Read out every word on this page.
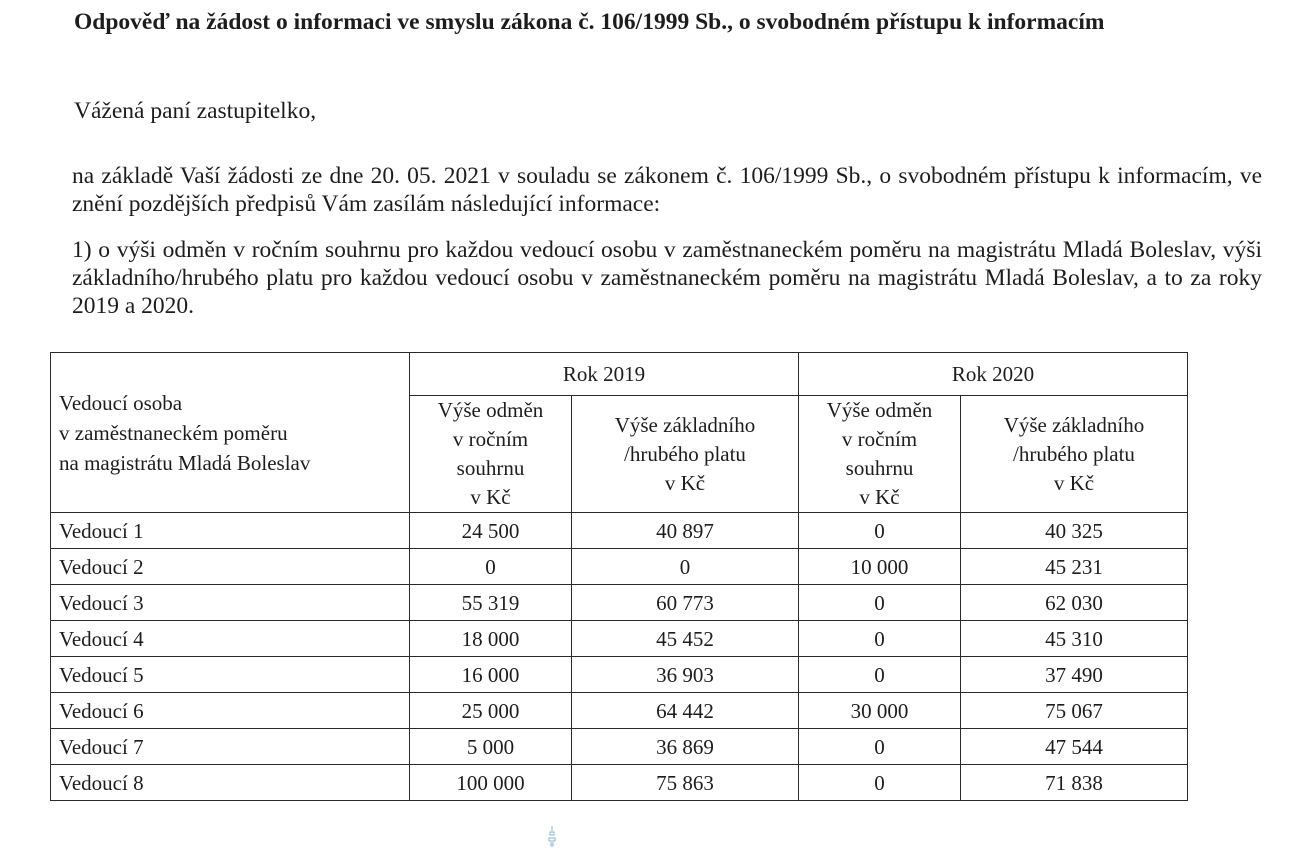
Odpověď na žádost o informaci ve smyslu zákona č. 106/1999 Sb., o svobodném přístupu k informacím
Vážená paní zastupitelko,
na základě Vaší žádosti ze dne 20. 05. 2021 v souladu se zákonem č. 106/1999 Sb., o svobodném přístupu k informacím, ve znění pozdějších předpisů Vám zasílám následující informace:
1) o výši odměn v ročním souhrnu pro každou vedoucí osobu v zaměstnaneckém poměru na magistrátu Mladá Boleslav, výši základního/hrubého platu pro každou vedoucí osobu v zaměstnaneckém poměru na magistrátu Mladá Boleslav, a to za roky 2019 a 2020.
Vedoucí osoba
v zaměstnaneckém poměru
na magistrátu Mladá Boleslav	Rok 2019		Rok 2020	

	Výše odměn
v ročním
souhrnu
v Kč	Výše základního
/hrubého platu
v Kč	Výše odměn
v ročním
souhrnu
v Kč	Výše základního
/hrubého platu
v Kč

Vedoucí 1	24 500	40 897	0	40 325
Vedoucí 2	0	0	10 000	45 231
Vedoucí 3	55 319	60 773	0	62 030
Vedoucí 4	18 000	45 452	0	45 310
Vedoucí 5	16 000	36 903	0	37 490
Vedoucí 6	25 000	64 442	30 000	75 067
Vedoucí 7	5 000	36 869	0	47 544
Vedoucí 8	100 000	75 863	0	71 838
